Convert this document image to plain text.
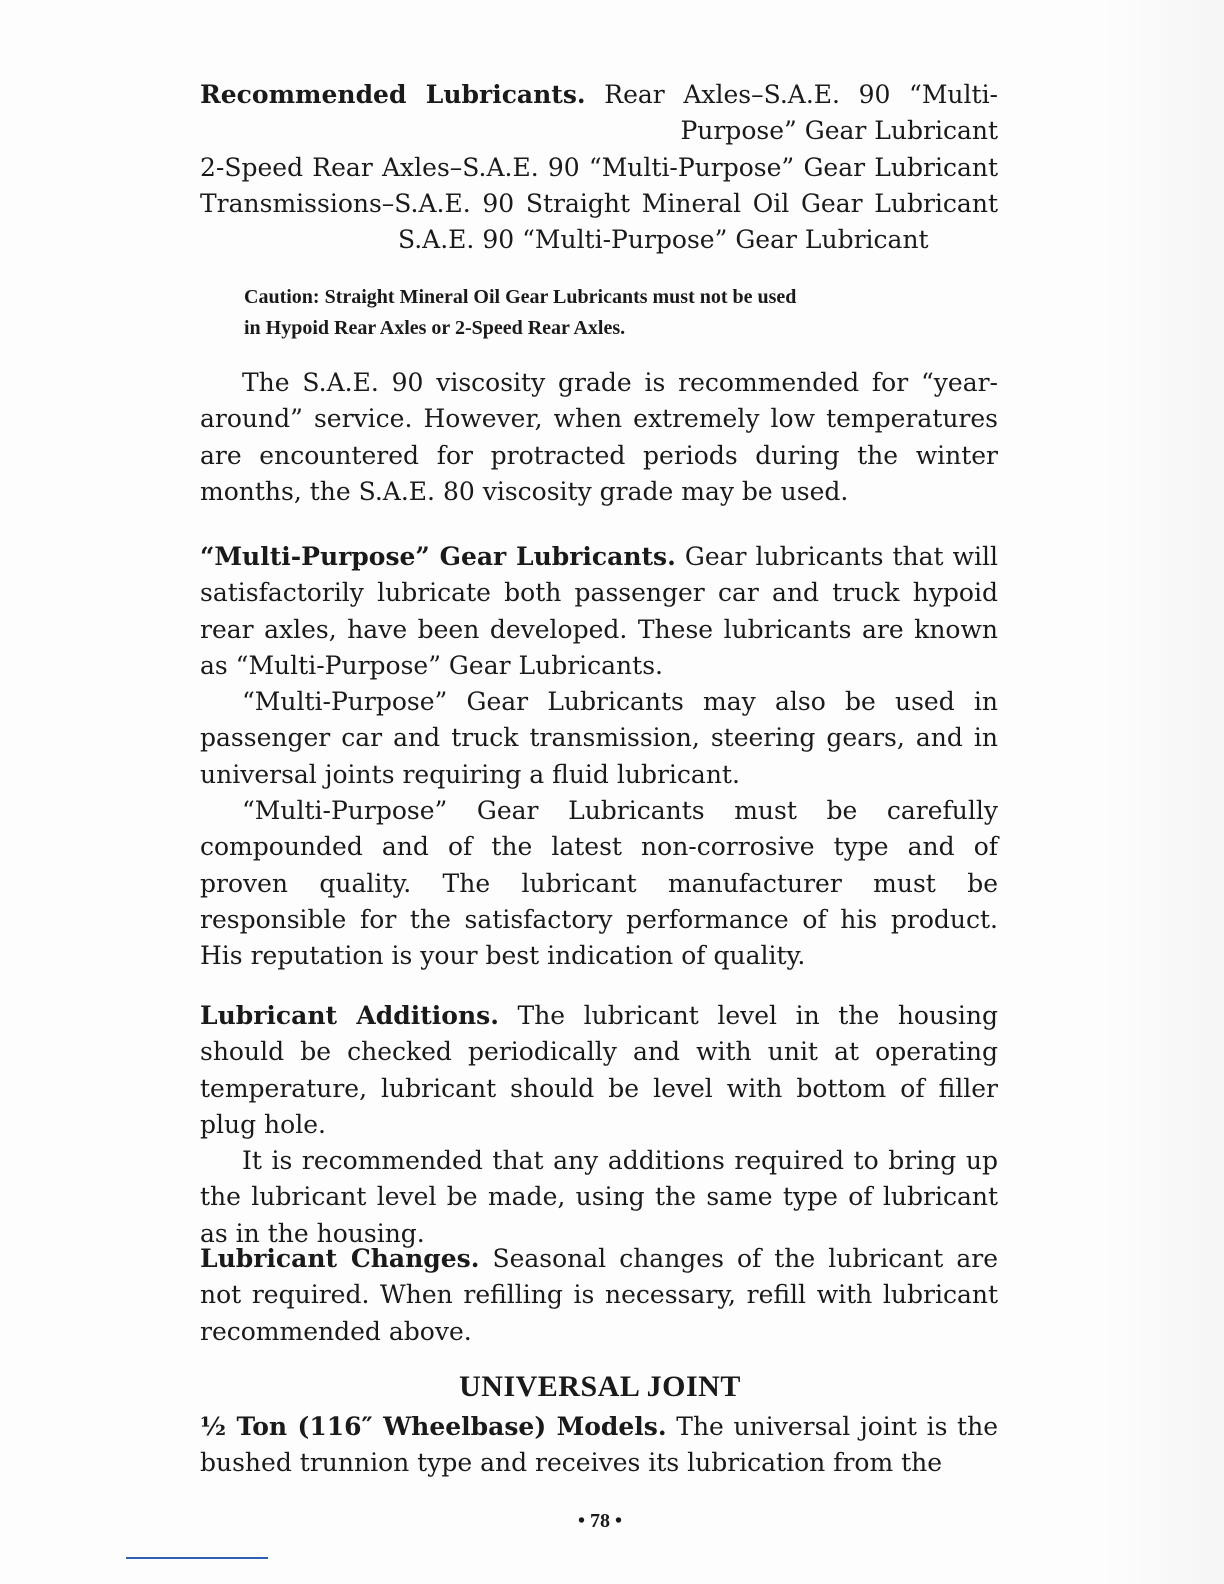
Recommended Lubricants. Rear Axles–S.A.E. 90 “Multi-
Purpose” Gear Lubricant
2-Speed Rear Axles–S.A.E. 90 “Multi-Purpose” Gear Lubricant
Transmissions–S.A.E. 90 Straight Mineral Oil Gear Lubricant
S.A.E. 90 “Multi-Purpose” Gear Lubricant
Caution: Straight Mineral Oil Gear Lubricants must not be used
in Hypoid Rear Axles or 2-Speed Rear Axles.

The S.A.E. 90 viscosity grade is recommended for “year-around” service. However, when extremely low temperatures are encountered for protracted periods during the winter months, the S.A.E. 80 viscosity grade may be used.

“Multi-Purpose” Gear Lubricants. Gear lubricants that will satisfactorily lubricate both passenger car and truck hypoid rear axles, have been developed. These lubricants are known as “Multi-Purpose” Gear Lubricants.

“Multi-Purpose” Gear Lubricants may also be used in passenger car and truck transmission, steering gears, and in universal joints requiring a fluid lubricant.

“Multi-Purpose” Gear Lubricants must be carefully compounded and of the latest non-corrosive type and of proven quality. The lubricant manufacturer must be responsible for the satisfactory performance of his product. His reputation is your best indication of quality.

Lubricant Additions. The lubricant level in the housing should be checked periodically and with unit at operating temperature, lubricant should be level with bottom of filler plug hole.

It is recommended that any additions required to bring up the lubricant level be made, using the same type of lubricant as in the housing.

Lubricant Changes. Seasonal changes of the lubricant are not required. When refilling is necessary, refill with lubricant recommended above.

UNIVERSAL JOINT

½ Ton (116″ Wheelbase) Models. The universal joint is the bushed trunnion type and receives its lubrication from the

• 78 •
